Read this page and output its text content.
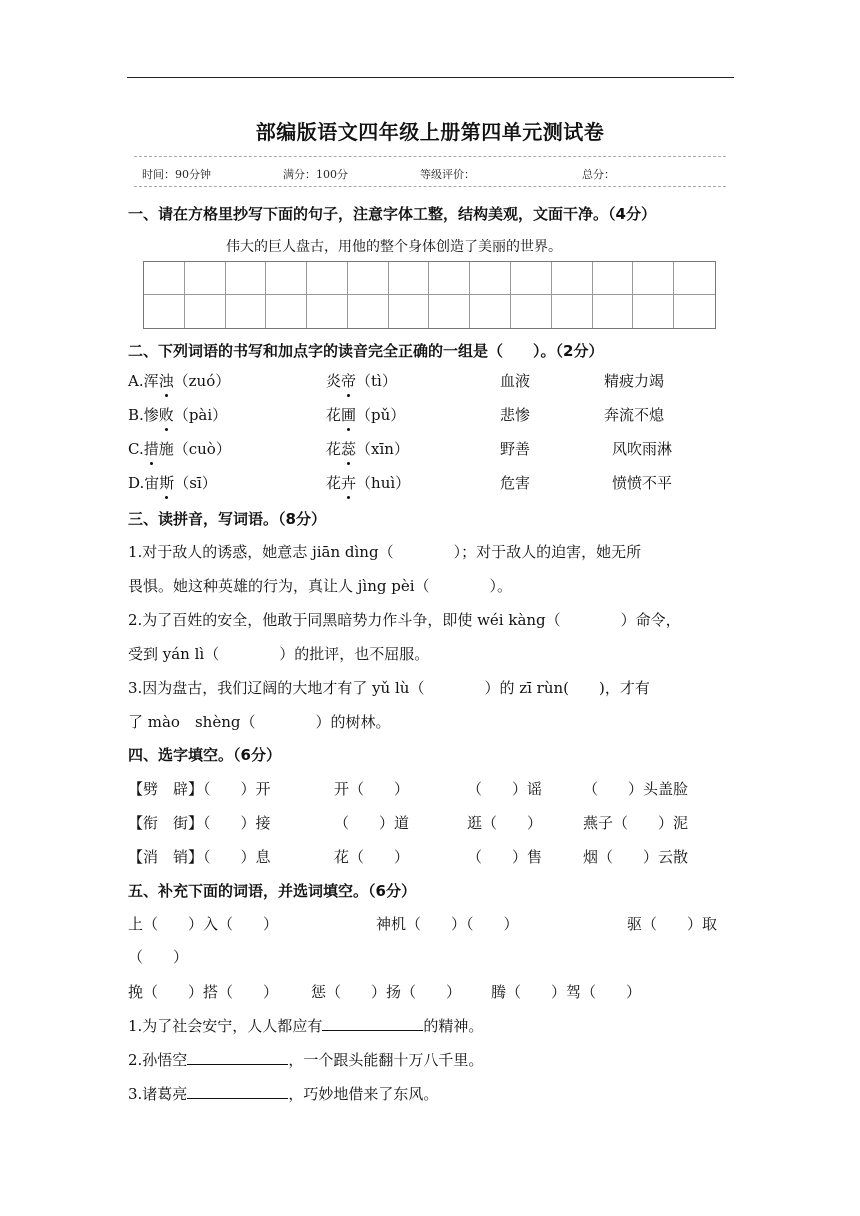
部编版语文四年级上册第四单元测试卷
时间：90分钟	满分：100分	等级评价：	总分：
一、请在方格里抄写下面的句子，注意字体工整，结构美观，文面干净。（4分）
伟大的巨人盘古，用他的整个身体创造了美丽的世界。
二、下列词语的书写和加点字的读音完全正确的一组是（　　）。（2分）
A.浑浊（zuó）	炎帝（tì）	血液	精疲力竭
B.惨败（pài）	花圃（pǔ）	悲惨	奔流不熄
C.措施（cuò）	花蕊（xīn）	野善	风吹雨淋
D.宙斯（sī）	花卉（huì）	危害	愤愤不平
三、读拼音，写词语。（8分）
1.对于敌人的诱惑，她意志 jiān dìng（　　　　）；对于敌人的迫害，她无所
畏惧。她这种英雄的行为，真让人 jìng pèi（　　　　）。
2.为了百姓的安全，他敢于同黑暗势力作斗争，即使 wéi kàng（　　　　）命令，
受到 yán lì（　　　　）的批评，也不屈服。
3.因为盘古，我们辽阔的大地才有了 yǔ lù（　　　　）的 zī rùn(　　)，才有
了 mào　shèng（　　　　）的树林。
四、选字填空。（6分）
【劈　辟】（　　）开	开（　　）	（　　）谣	（　　）头盖脸
【衔　街】（　　）接	（　　）道	逛（　　）	燕子（　　）泥
【消　销】（　　）息	花（　　）	（　　）售	烟（　　）云散
五、补充下面的词语，并选词填空。（6分）
上（　　）入（　　）	神机（　　）（　　）	驱（　　）取
（　　）
挽（　　）搭（　　） 惩（　　）扬（　　） 腾（　　）驾（　　）
1.为了社会安宁，人人都应有	的精神。
2.孙悟空	，一个跟头能翻十万八千里。
3.诸葛亮	，巧妙地借来了东风。
